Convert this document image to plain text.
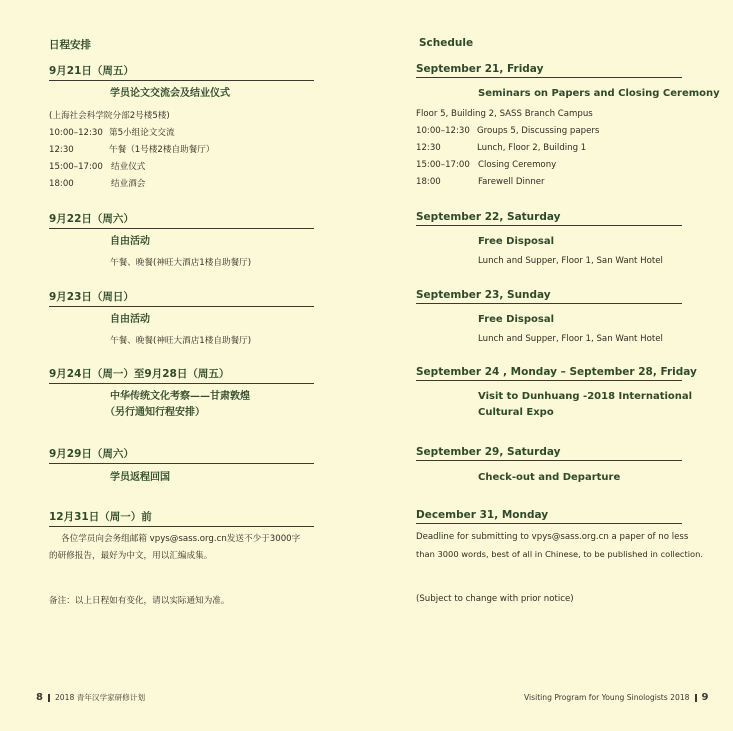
日程安排
9月21日（周五）
学员论文交流会及结业仪式
(上海社会科学院分部2号楼5楼)
10:00–12:30 第5小组论文交流
12:30	午餐（1号楼2楼自助餐厅）
15:00–17:00 结业仪式
18:00	结业酒会
9月22日（周六）
自由活动
午餐、晚餐(神旺大酒店1楼自助餐厅)
9月23日（周日）
自由活动
午餐、晚餐(神旺大酒店1楼自助餐厅)
9月24日（周一）至9月28日（周五）
中华传统文化考察——甘肃敦煌
（另行通知行程安排）
9月29日（周六）
学员返程回国
12月31日（周一）前
各位学员向会务组邮箱 vpys@sass.org.cn发送不少于3000字
的研修报告，最好为中文，用以汇编成集。
备注：以上日程如有变化，请以实际通知为准。
8 2018 青年汉学家研修计划
Schedule
September 21, Friday
Seminars on Papers and Closing Ceremony
Floor 5, Building 2, SASS Branch Campus
10:00–12:30 Groups 5, Discussing papers
12:30	Lunch, Floor 2, Building 1
15:00–17:00 Closing Ceremony
18:00	Farewell Dinner
September 22, Saturday
Free Disposal
Lunch and Supper, Floor 1, San Want Hotel
September 23, Sunday
Free Disposal
Lunch and Supper, Floor 1, San Want Hotel
September 24 , Monday – September 28, Friday
Visit to Dunhuang -2018 International
Cultural Expo
September 29, Saturday
Check-out and Departure
December 31, Monday
Deadline for submitting to vpys@sass.org.cn a paper of no less
than 3000 words, best of all in Chinese, to be published in collection.
(Subject to change with prior notice)
Visiting Program for Young Sinologists 2018 9
